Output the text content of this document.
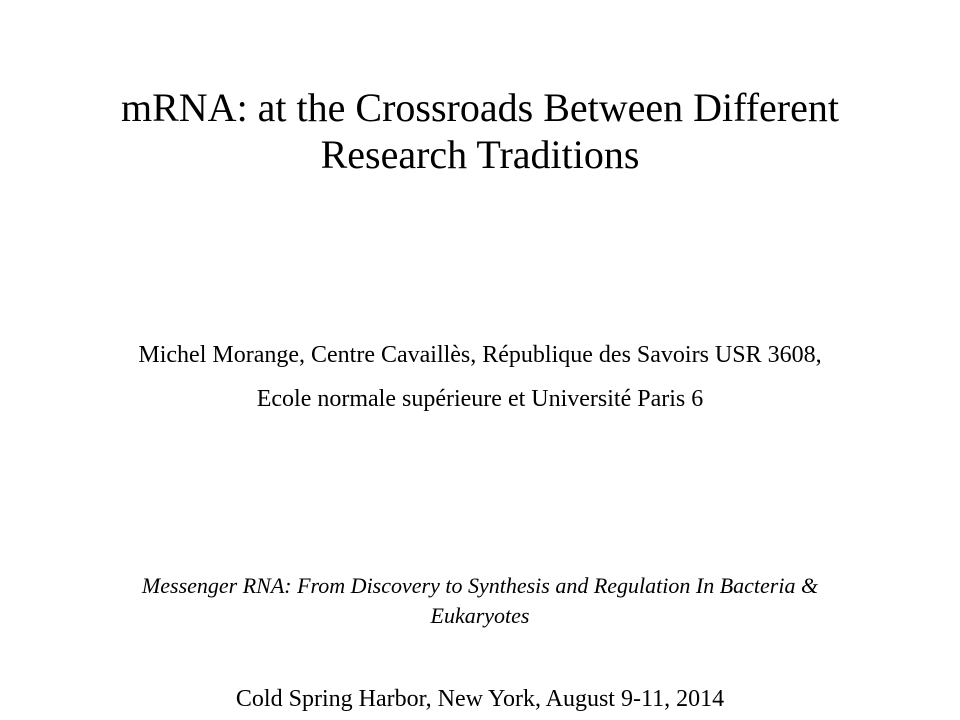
mRNA: at the Crossroads Between Different
Research Traditions
Michel Morange, Centre Cavaillès, République des Savoirs USR 3608,
Ecole normale supérieure et Université Paris 6
Messenger RNA: From Discovery to Synthesis and Regulation In Bacteria &
Eukaryotes
Cold Spring Harbor, New York, August 9-11, 2014
